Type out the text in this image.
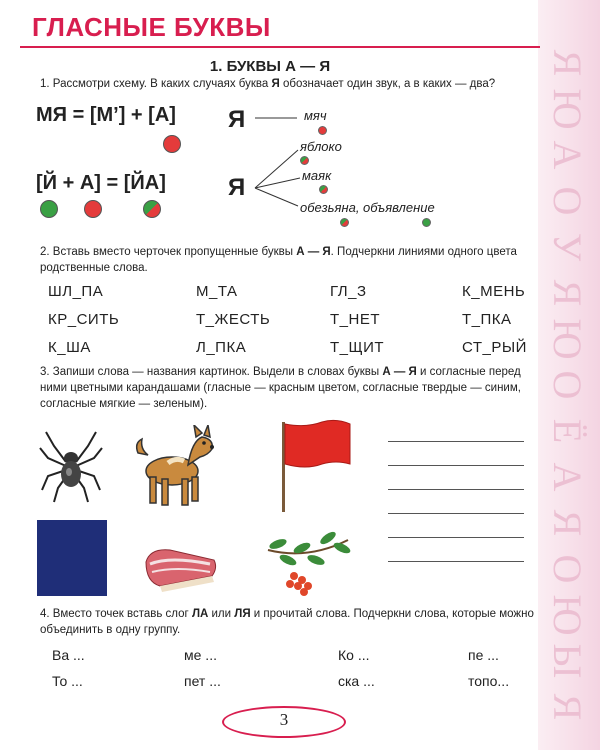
Я
Ю
А
О
У
Я
Ю
О
Ё
А
Я
О
Ю
Ы
Я
ГЛАСНЫЕ БУКВЫ
1. БУКВЫ А — Я
1. Рассмотри схему. В каких случаях буква Я обозначает один звук, а в каких — два?
МЯ = [М’] + [А]
[Й + А] = [ЙА]
Я
Я
мяч
яблоко
маяк
обезьяна, объявление
2. Вставь вместо черточек пропущенные буквы А — Я. Подчеркни линиями одного цвета
родственные слова.
ШЛ_ПА	М_ТА	ГЛ_З	К_МЕНЬ
КР_СИТЬ	Т_ЖЕСТЬ	Т_НЕТ	Т_ПКА
К_ША	Л_ПКА	Т_ЩИТ	СТ_РЫЙ
3. Запиши слова — названия картинок. Выдели в словах буквы А — Я и согласные перед
ними цветными карандашами (гласные — красным цветом, согласные твердые — синим,
согласные мягкие — зеленым).
4. Вместо точек вставь слог ЛА или ЛЯ и прочитай слова. Подчеркни слова, которые можно
объединить в одну группу.
Ва ...	ме ...	Ко ...	пе ...
То ...	пет ...	ска ...	топо...
3
